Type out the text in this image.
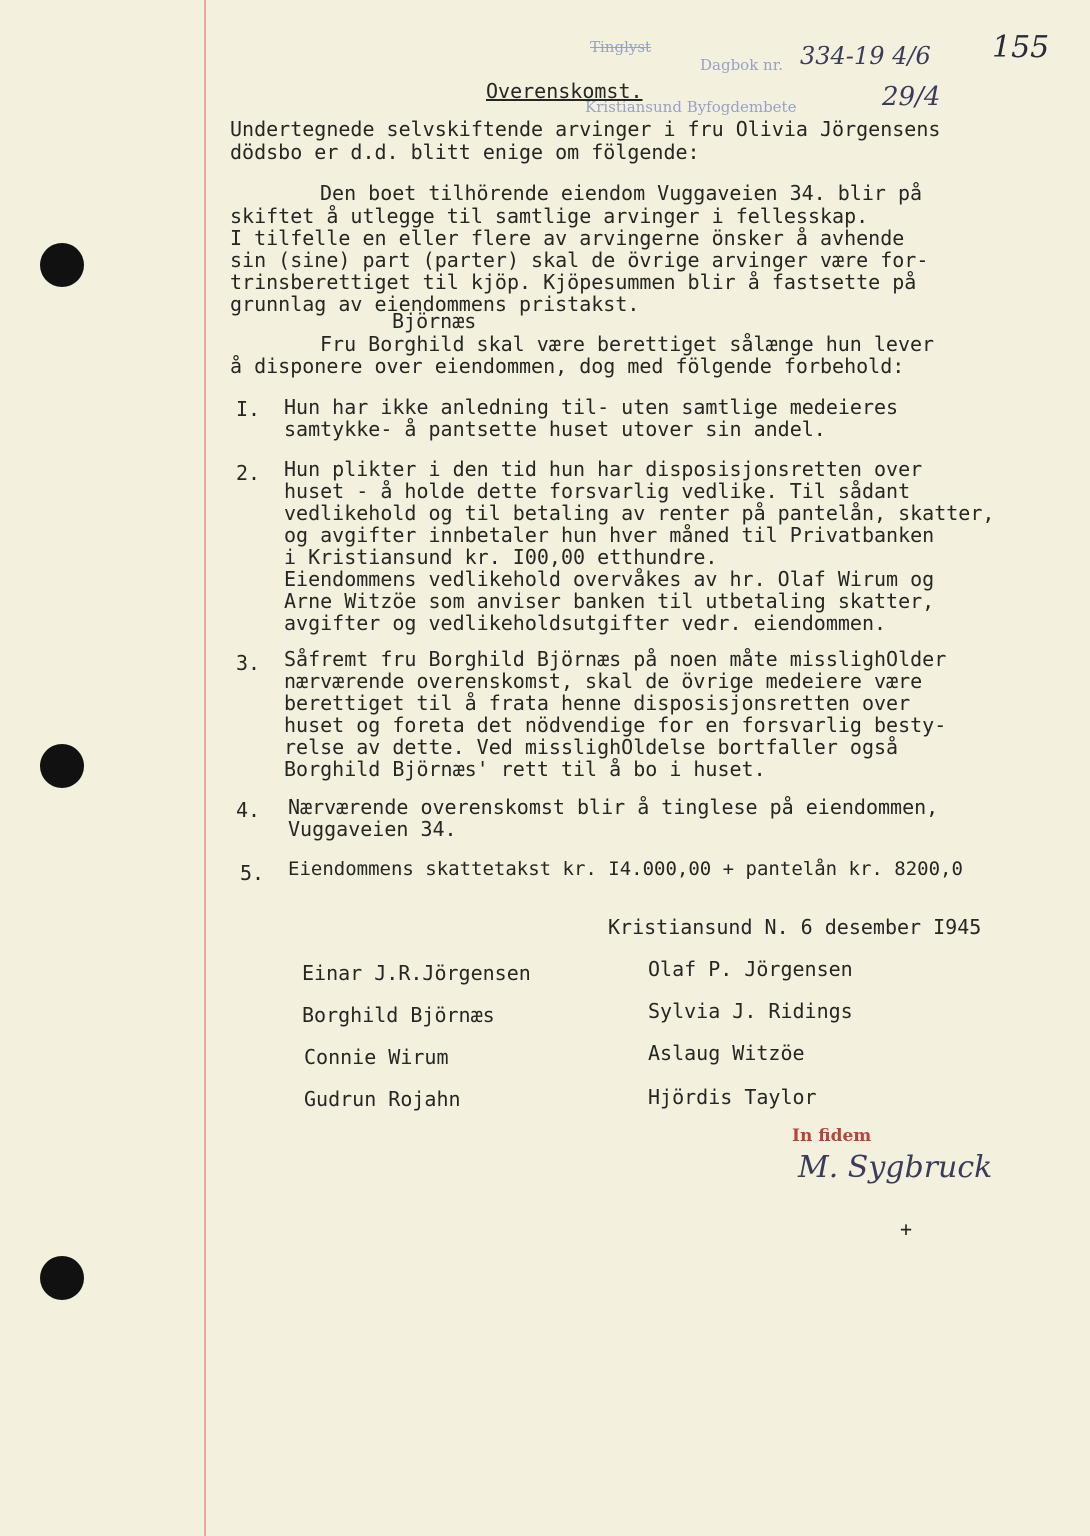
155
Tinglyst
Dagbok nr. 334-19 4/6
Kristiansund Byfogdembete	29/4
Overenskomst.
Undertegnede selvskiftende arvinger i fru Olivia Jörgensens
dödsbo er d.d. blitt enige om fölgende:
Den boet tilhörende eiendom Vuggaveien 34. blir på
skiftet å utlegge til samtlige arvinger i fellesskap.
I tilfelle en eller flere av arvingerne önsker å avhende
sin (sine) part (parter) skal de övrige arvinger være for-
trinsberettiget til kjöp. Kjöpesummen blir å fastsette på
grunnlag av eiendommens pristakst.
Björnæs
Fru Borghild skal være berettiget sålænge hun lever
å disponere over eiendommen, dog med fölgende forbehold:
I. Hun har ikke anledning til- uten samtlige medeieres
samtykke- å pantsette huset utover sin andel.
2. Hun plikter i den tid hun har disposisjonsretten over
huset - å holde dette forsvarlig vedlike. Til sådant
vedlikehold og til betaling av renter på pantelån, skatter,
og avgifter innbetaler hun hver måned til Privatbanken
i Kristiansund kr. I00,00 etthundre.
Eiendommens vedlikehold overvåkes av hr. Olaf Wirum og
Arne Witzöe som anviser banken til utbetaling skatter,
avgifter og vedlikeholdsutgifter vedr. eiendommen.
3. Såfremt fru Borghild Björnæs på noen måte misslighOlder
nærværende overenskomst, skal de övrige medeiere være
berettiget til å frata henne disposisjonsretten over
huset og foreta det nödvendige for en forsvarlig besty-
relse av dette. Ved misslighOldelse bortfaller også
Borghild Björnæs' rett til å bo i huset.
4. Nærværende overenskomst blir å tinglese på eiendommen,
Vuggaveien 34.
5. Eiendommens skattetakst kr. I4.000,00 + pantelån kr. 8200,0
Kristiansund N. 6 desember I945
Einar J.R.Jörgensen
Borghild Björnæs
Connie Wirum
Gudrun Rojahn
Olaf P. Jörgensen
Sylvia J. Ridings
Aslaug Witzöe
Hjördis Taylor
In fidem
M. Sygbruck
+
